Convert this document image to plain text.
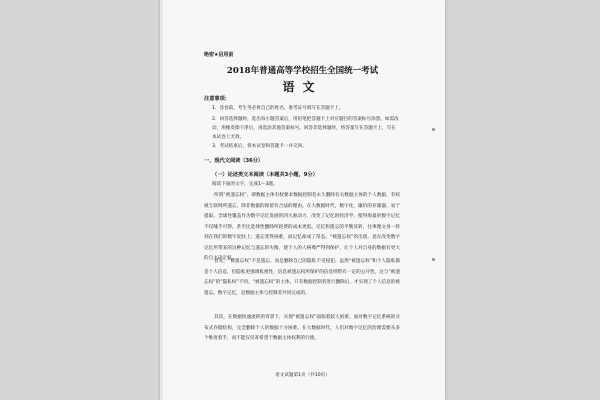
绝密★启用前
2018年普通高等学校招生全国统一考试
语文
注意事项：
1．答卷前，考生务必将自己的姓名、准考证号填写在答题卡上。
2．回答选择题时，选出每小题答案后，用铅笔把答题卡上对应题目的答案标号涂黑。如需改动，用橡皮擦干净后，再选涂其他答案标号。回答非选择题时，将答案写在答题卡上，写在本试卷上无效。
3．考试结束后，将本试卷和答题卡一并交回。
一、现代文阅读（36分）
（一）论述类文本阅读（本题共3小题，9分）
阅读下面的文字，完成1～3题。
所谓“被遗忘权”，即数据主体有权要求数据控制者永久删除有关数据主体的个人数据，有权被互联网所遗忘，除非数据的保留有合法的理由。在大数据时代，数字化、廉价的存储器、易于提取、全球性覆盖作为数字记忆发展的四大驱动力，改变了记忆的经济学，使得海量的数字记忆不仅唾手可得，甚至比选择性删除所耗费的成本更低。记忆和遗忘的平衡反转，往事像文身一样刻在我们的数字皮肤上；遗忘变得困难，而记忆却成了常态。“被遗忘权”的出现，意在改变数字记忆所带来的这种记忆与遗忘的失衡，使个人的人格尊严得到保护，让个人对自身的数据有更大的自主决定权。
首先，“被遗忘权”不是遗忘，而是删除自己的隐私不受侵犯。虽然“被遗忘权”和个人隐私都是个人信息，但隐私更强调私密性，信息被遗忘权所保护的信息则带有一定的公开性。这与“被遗忘权”的“隐私权”不同。“被遗忘权”的主体，只有数据控制者进行删除后，才实现了个人信息的被遗忘。数字记忆，是数据主体与控制者共同完成的。
其次，在数据快速流转的背景下，实现“被遗忘权”面临着较大困难。面对数字记忆系统的分布式存储结构，完全删除个人的数据十分困难。在大数据时代，人们对数字记忆的治理需要从多个维度着手，而不能仅仅寄希望于数据主体权利的行使。
语文试题第1页（共10页）
